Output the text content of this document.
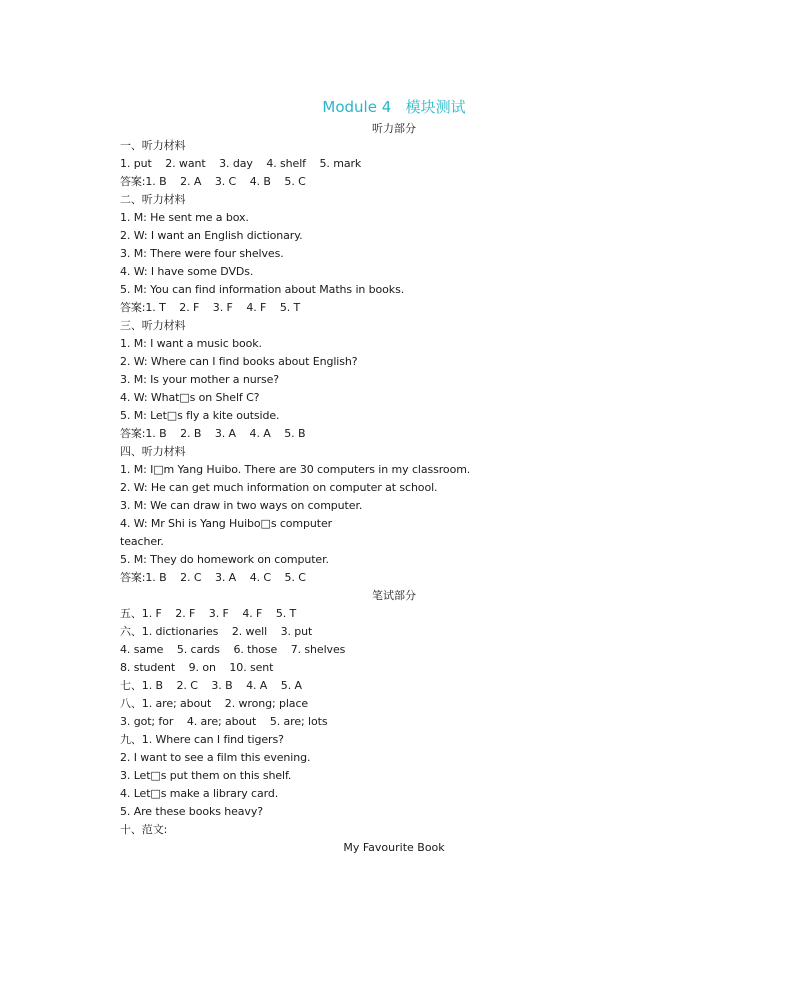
Module 4   模块测试
听力部分
一、听力材料
1. put    2. want    3. day    4. shelf    5. mark
答案:1. B    2. A    3. C    4. B    5. C
二、听力材料
1. M: He sent me a box.
2. W: I want an English dictionary.
3. M: There were four shelves.
4. W: I have some DVDs.
5. M: You can find information about Maths in books.
答案:1. T    2. F    3. F    4. F    5. T
三、听力材料
1. M: I want a music book.
2. W: Where can I find books about English?
3. M: Is your mother a nurse?
4. W: What□s on Shelf C?
5. M: Let□s fly a kite outside.
答案:1. B    2. B    3. A    4. A    5. B
四、听力材料
1. M: I□m Yang Huibo. There are 30 computers in my classroom.
2. W: He can get much information on computer at school.
3. M: We can draw in two ways on computer.
4. W: Mr Shi is Yang Huibo□s computer
teacher.
5. M: They do homework on computer.
答案:1. B    2. C    3. A    4. C    5. C
笔试部分
五、1. F    2. F    3. F    4. F    5. T
六、1. dictionaries    2. well    3. put
4. same    5. cards    6. those    7. shelves
8. student    9. on    10. sent
七、1. B    2. C    3. B    4. A    5. A
八、1. are; about    2. wrong; place
3. got; for    4. are; about    5. are; lots
九、1. Where can I find tigers?
2. I want to see a film this evening.
3. Let□s put them on this shelf.
4. Let□s make a library card.
5. Are these books heavy?
十、范文:
My Favourite Book
